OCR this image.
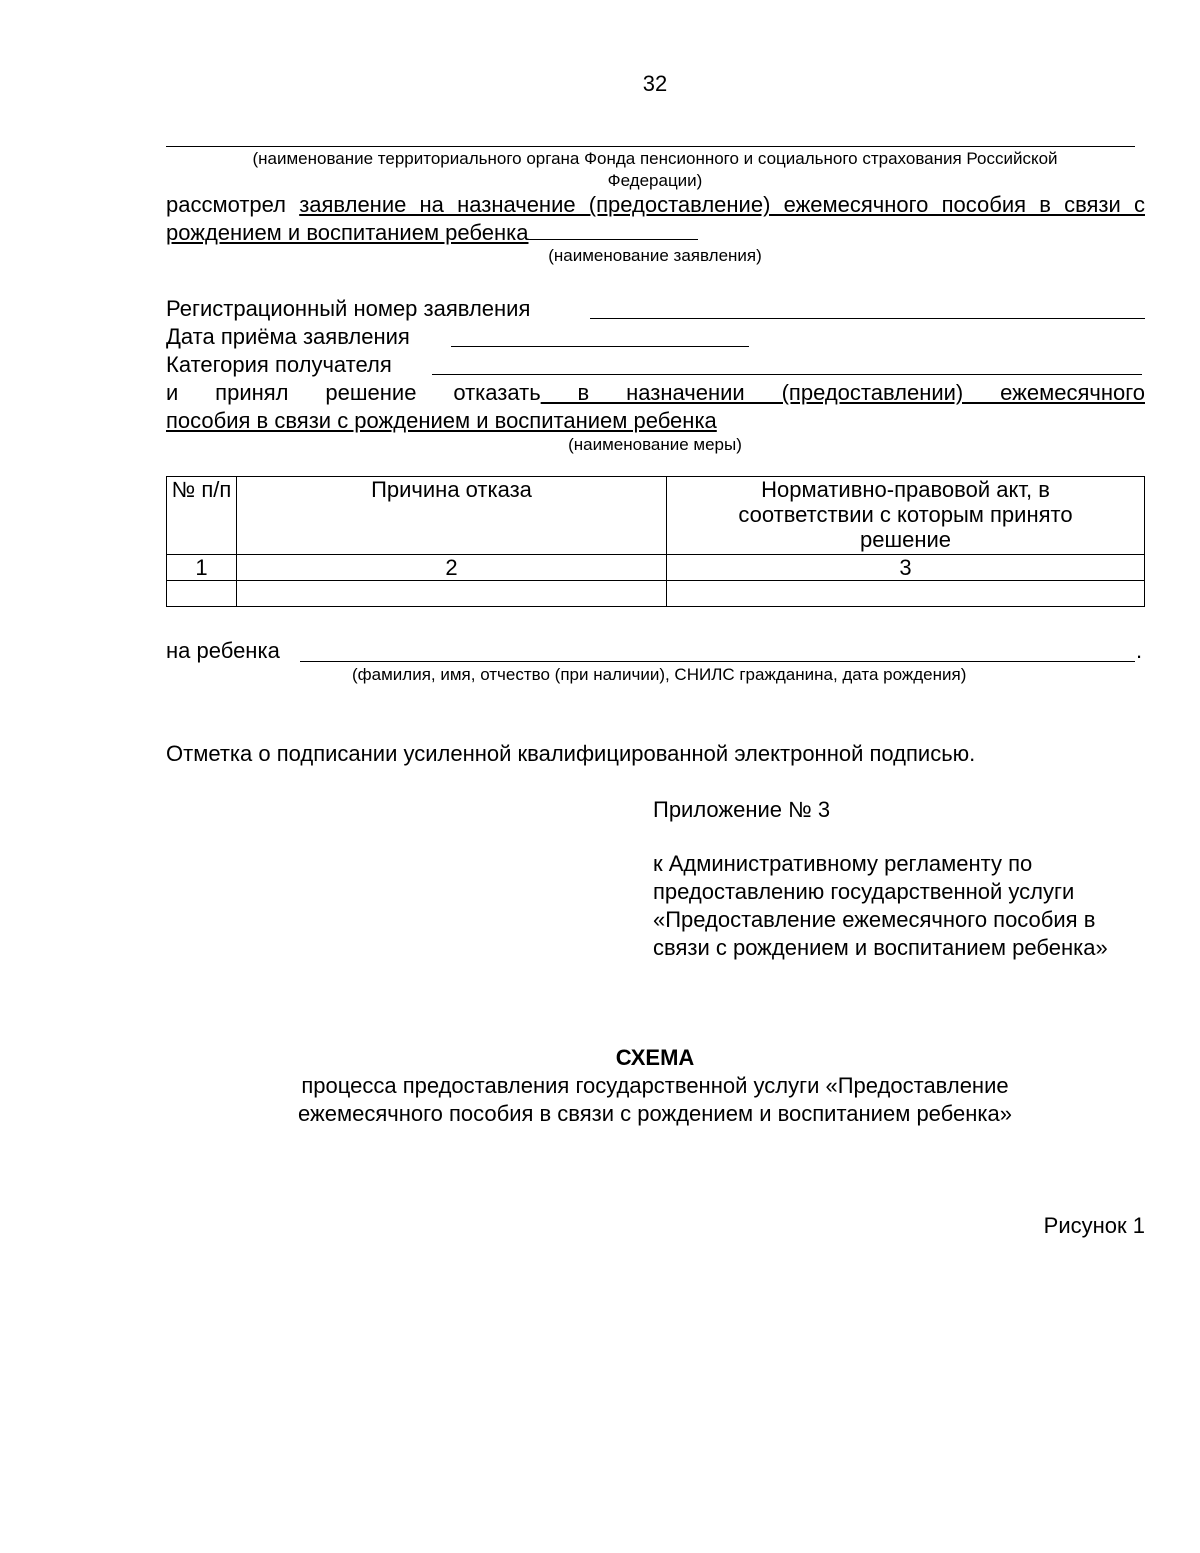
32
(наименование территориального органа Фонда пенсионного и социального страхования Российской Федерации)
рассмотрел заявление на назначение (предоставление) ежемесячного пособия в связи с рождением и воспитанием ребенка
(наименование заявления)
Регистрационный номер заявления
Дата приёма заявления
Категория получателя
и принял решение отказать в назначении (предоставлении) ежемесячного
пособия в связи с рождением и воспитанием ребенка
(наименование меры)
№ п/п	Причина отказа	Нормативно-правовой акт, в соответствии с которым принято решение
1	2	3

на ребенка	.
(фамилия, имя, отчество (при наличии), СНИЛС гражданина, дата рождения)
Отметка о подписании усиленной квалифицированной электронной подписью.
Приложение № 3
к Административному регламенту по предоставлению государственной услуги «Предоставление ежемесячного пособия в связи с рождением и воспитанием ребенка»
СХЕМА
процесса предоставления государственной услуги «Предоставление ежемесячного пособия в связи с рождением и воспитанием ребенка»
Рисунок 1
